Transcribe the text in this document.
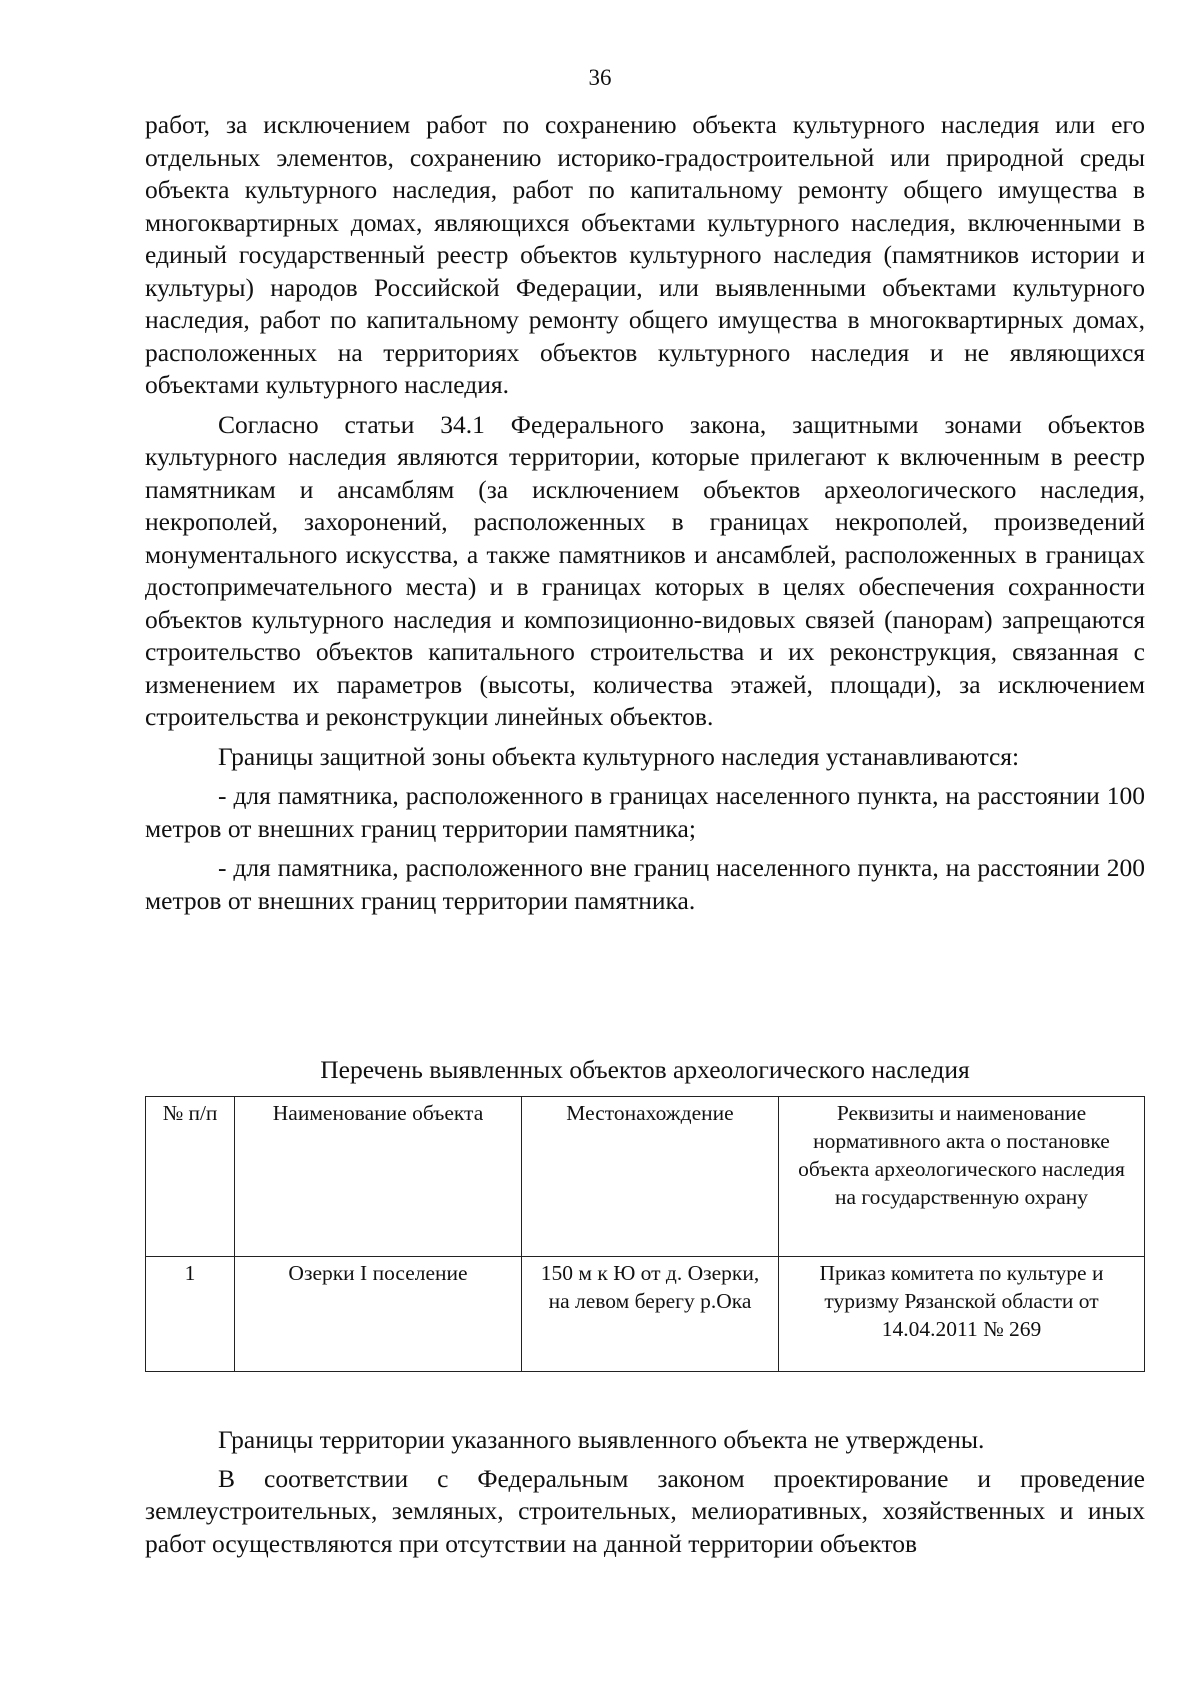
36

работ, за исключением работ по сохранению объекта культурного наследия или его отдельных элементов, сохранению историко-градостроительной или природной среды объекта культурного наследия, работ по капитальному ремонту общего имущества в многоквартирных домах, являющихся объектами культурного наследия, включенными в единый государственный реестр объектов культурного наследия (памятников истории и культуры) народов Российской Федерации, или выявленными объектами культурного наследия, работ по капитальному ремонту общего имущества в многоквартирных домах, расположенных на территориях объектов культурного наследия и не являющихся объектами культурного наследия.

Согласно статьи 34.1 Федерального закона, защитными зонами объектов культурного наследия являются территории, которые прилегают к включенным в реестр памятникам и ансамблям (за исключением объектов археологического наследия, некрополей, захоронений, расположенных в границах некрополей, произведений монументального искусства, а также памятников и ансамблей, расположенных в границах достопримечательного места) и в границах которых в целях обеспечения сохранности объектов культурного наследия и композиционно-видовых связей (панорам) запрещаются строительство объектов капитального строительства и их реконструкция, связанная с изменением их параметров (высоты, количества этажей, площади), за исключением строительства и реконструкции линейных объектов.

Границы защитной зоны объекта культурного наследия устанавливаются:

- для памятника, расположенного в границах населенного пункта, на расстоянии 100 метров от внешних границ территории памятника;

- для памятника, расположенного вне границ населенного пункта, на расстоянии 200 метров от внешних границ территории памятника.

Перечень выявленных объектов археологического наследия
№ п/п	Наименование объекта	Местонахождение	Реквизиты и наименование нормативного акта о постановке объекта археологического наследия на государственную охрану
1	Озерки I поселение	150 м к Ю от д. Озерки, на левом берегу р.Ока	Приказ комитета по культуре и туризму Рязанской области от 14.04.2011 № 269

Границы территории указанного выявленного объекта не утверждены.

В соответствии с Федеральным законом проектирование и проведение землеустроительных, земляных, строительных, мелиоративных, хозяйственных и иных работ осуществляются при отсутствии на данной территории объектов
